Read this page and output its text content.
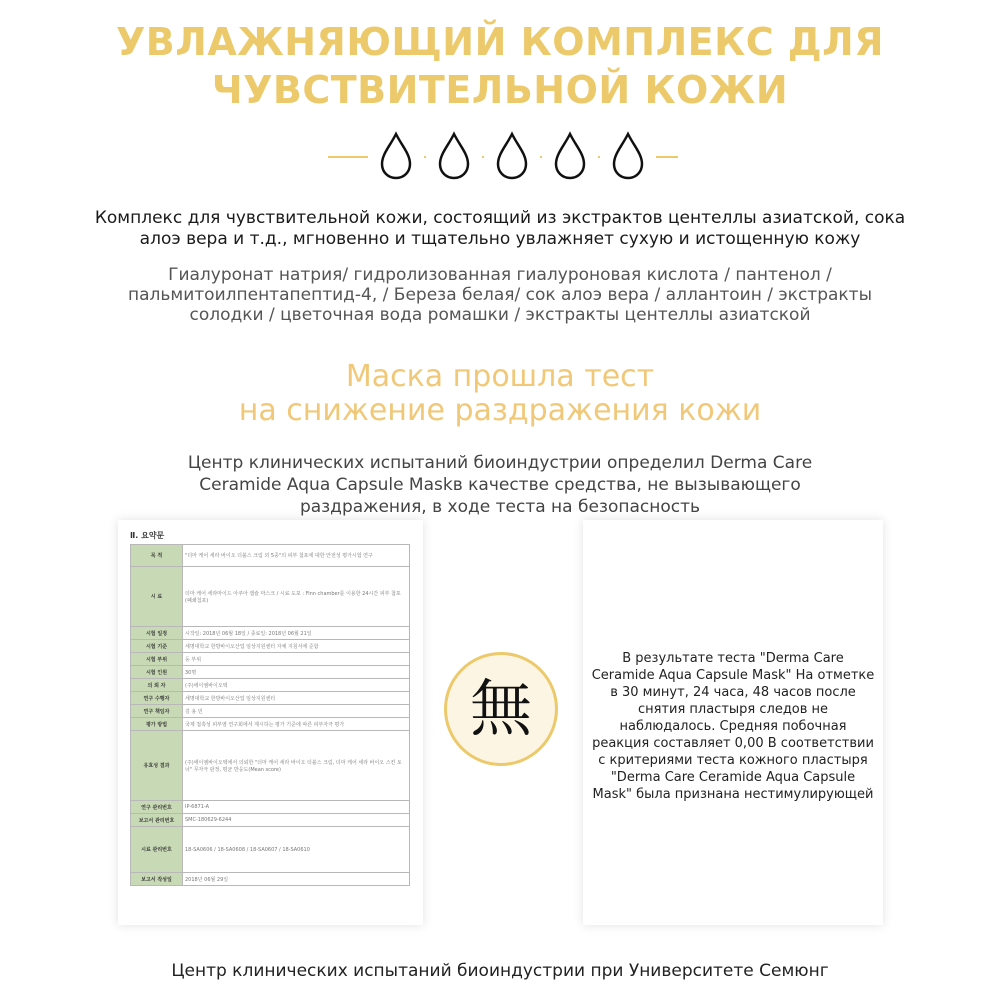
УВЛАЖНЯЮЩИЙ КОМПЛЕКС ДЛЯ
ЧУВСТВИТЕЛЬНОЙ КОЖИ
Комплекс для чувствительной кожи, состоящий из экстрактов центеллы азиатской, сока
алоэ вера и т.д., мгновенно и тщательно увлажняет сухую и истощенную кожу
Гиалуронат натрия/ гидролизованная гиалуроновая кислота / пантенол /
пальмитоилпентапептид-4, / Береза белая/ сок алоэ вера / аллантоин / экстракты
солодки / цветочная вода ромашки / экстракты центеллы азиатской
Маска прошла тест
на снижение раздражения кожи
Центр клинических испытаний биоиндустрии определил Derma Care
Ceramide Aqua Capsule Maskв качестве средства, не вызывающего
раздражения, в ходе теста на безопасность
Ⅱ. 요약문
목 적	"더마 케어 세라 바이오 더블스 크림 외 5종"의 피부 첨포에 대한 안전성 평가시험 연구
시 료	더마 케어 세라마이드 아쿠아 캡슐 마스크 / 시료 도포 : Finn chamber를 이용한 24시간 피부 첨포(폐쇄첩포)
시험 일정	시작일: 2018년 06월 18일 / 종료일: 2018년 06월 21일
시험 기준	세명대학교 한방바이오산업 임상지원센터 자체 지침서에 준함
시험 부위	등 부위
시험 인원	30명
의 뢰 자	(주)에이엠바이오텍
연구 수행자	세명대학교 한방바이오산업 임상지원센터
연구 책임자	김 용 민
평가 방법	국제 접촉성 피부염 연구회에서 제시하는 평가 기준에 따른 피부자극 평가
유효성 결과	(주)에이엠바이오텍에서 의뢰한 "더마 케어 세라 바이오 더블스 크림, 더마 케어 세라 바이오 스킨 토너" 무자극 판정, 평균 반응도(Mean score)
연구 관리번호	IP-6871-A
보고서 관리번호	SMC-180629-6244
시료 관리번호	18-SA0606 / 18-SA0608 / 18-SA0607 / 18-SA0610
보고서 작성일	2018년 06월 29일
無
В результате теста "Derma Care Ceramide Aqua Capsule Mask" На отметке в 30 минут, 24 часа, 48 часов после снятия пластыря следов не наблюдалось. Средняя побочная реакция составляет 0,00 В соответствии с критериями теста кожного пластыря "Derma Care Ceramide Aqua Capsule Mask" была признана нестимулирующей
Центр клинических испытаний биоиндустрии при Университете Семюнг
